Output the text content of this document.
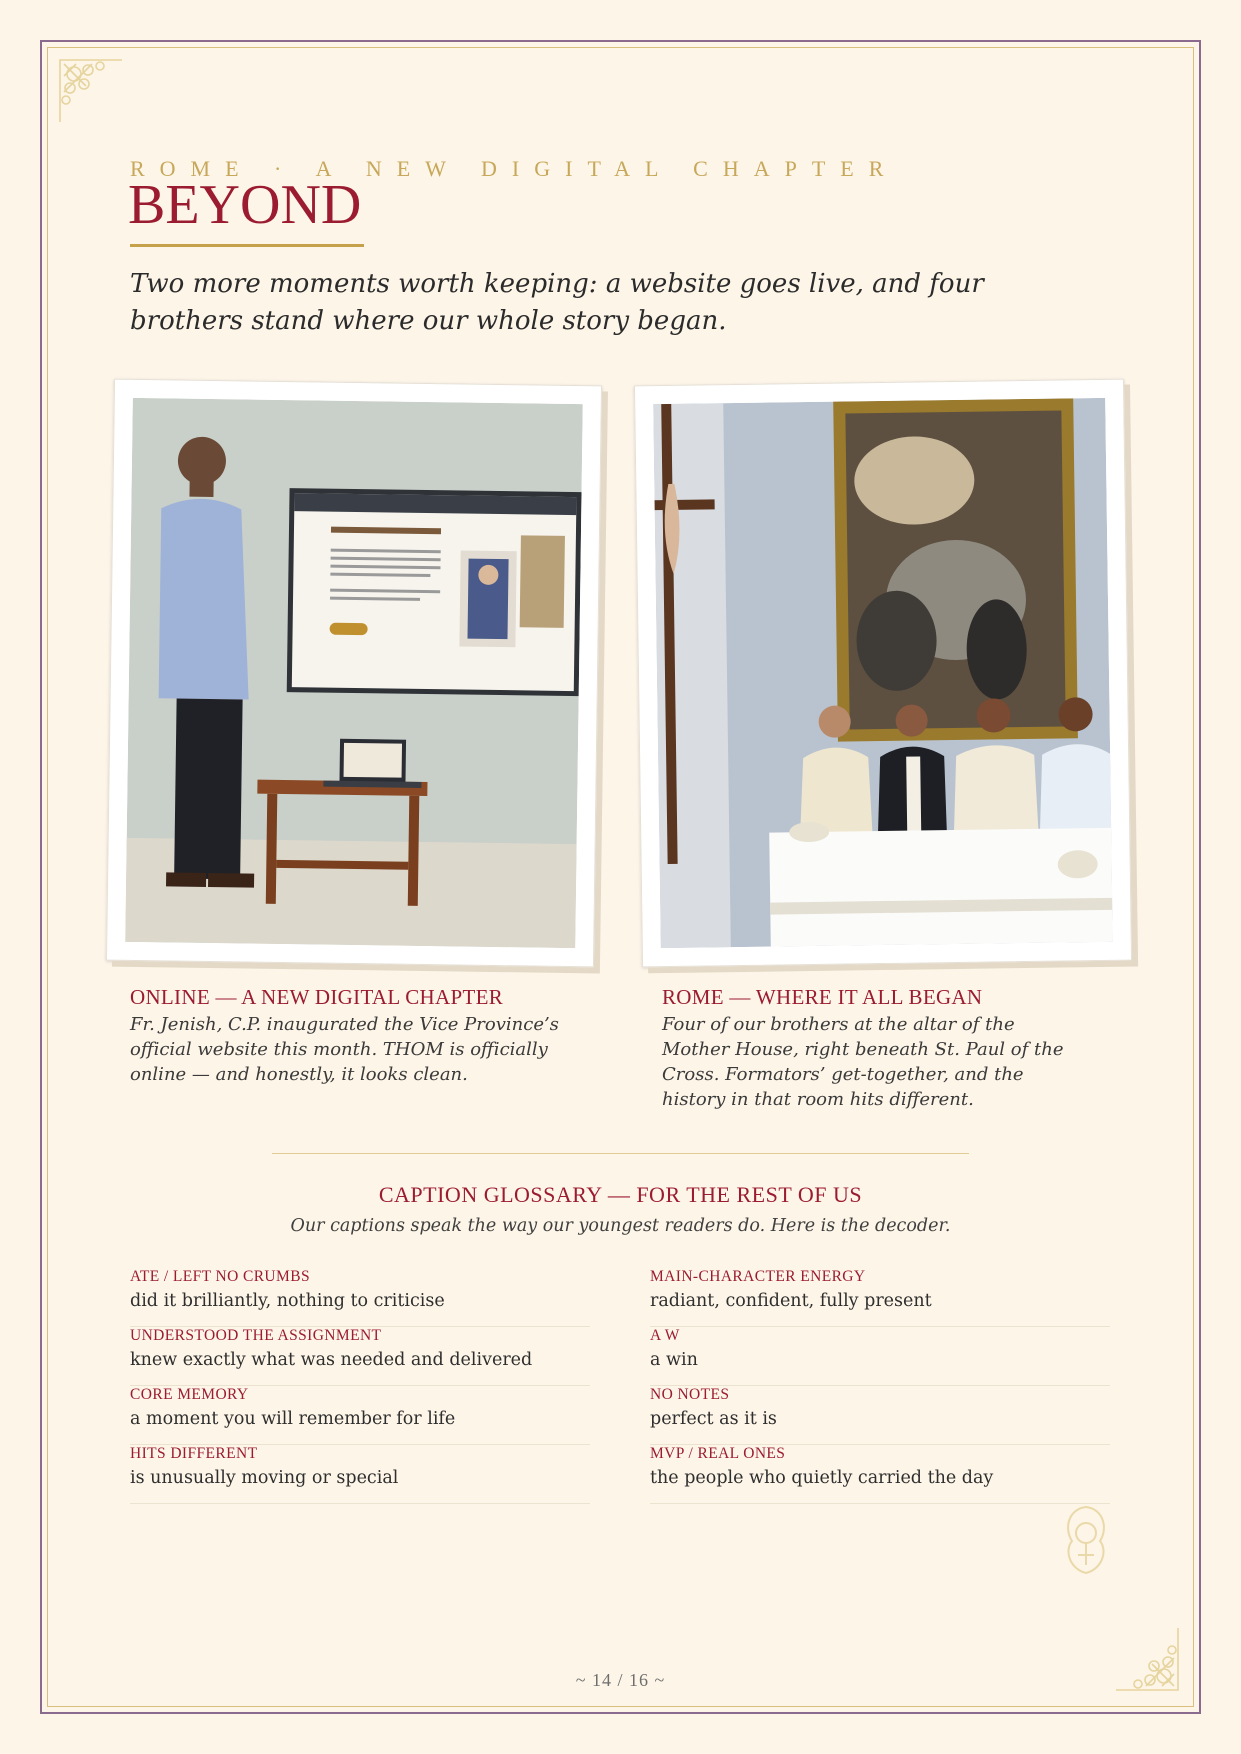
ROME · A NEW DIGITAL CHAPTER
BEYOND
Two more moments worth keeping: a website goes live, and four brothers stand where our whole story began.
ONLINE — A NEW DIGITAL CHAPTER
Fr. Jenish, C.P. inaugurated the Vice Province’s official website this month. THOM is officially online — and honestly, it looks clean.
ROME — WHERE IT ALL BEGAN
Four of our brothers at the altar of the Mother House, right beneath St. Paul of the Cross. Formators’ get-together, and the history in that room hits different.
CAPTION GLOSSARY — FOR THE REST OF US
Our captions speak the way our youngest readers do. Here is the decoder.
ATE / LEFT NO CRUMBS
did it brilliantly, nothing to criticise
UNDERSTOOD THE ASSIGNMENT
knew exactly what was needed and delivered
CORE MEMORY
a moment you will remember for life
HITS DIFFERENT
is unusually moving or special
MAIN-CHARACTER ENERGY
radiant, confident, fully present
A W
a win
NO NOTES
perfect as it is
MVP / REAL ONES
the people who quietly carried the day
~ 14 / 16 ~
